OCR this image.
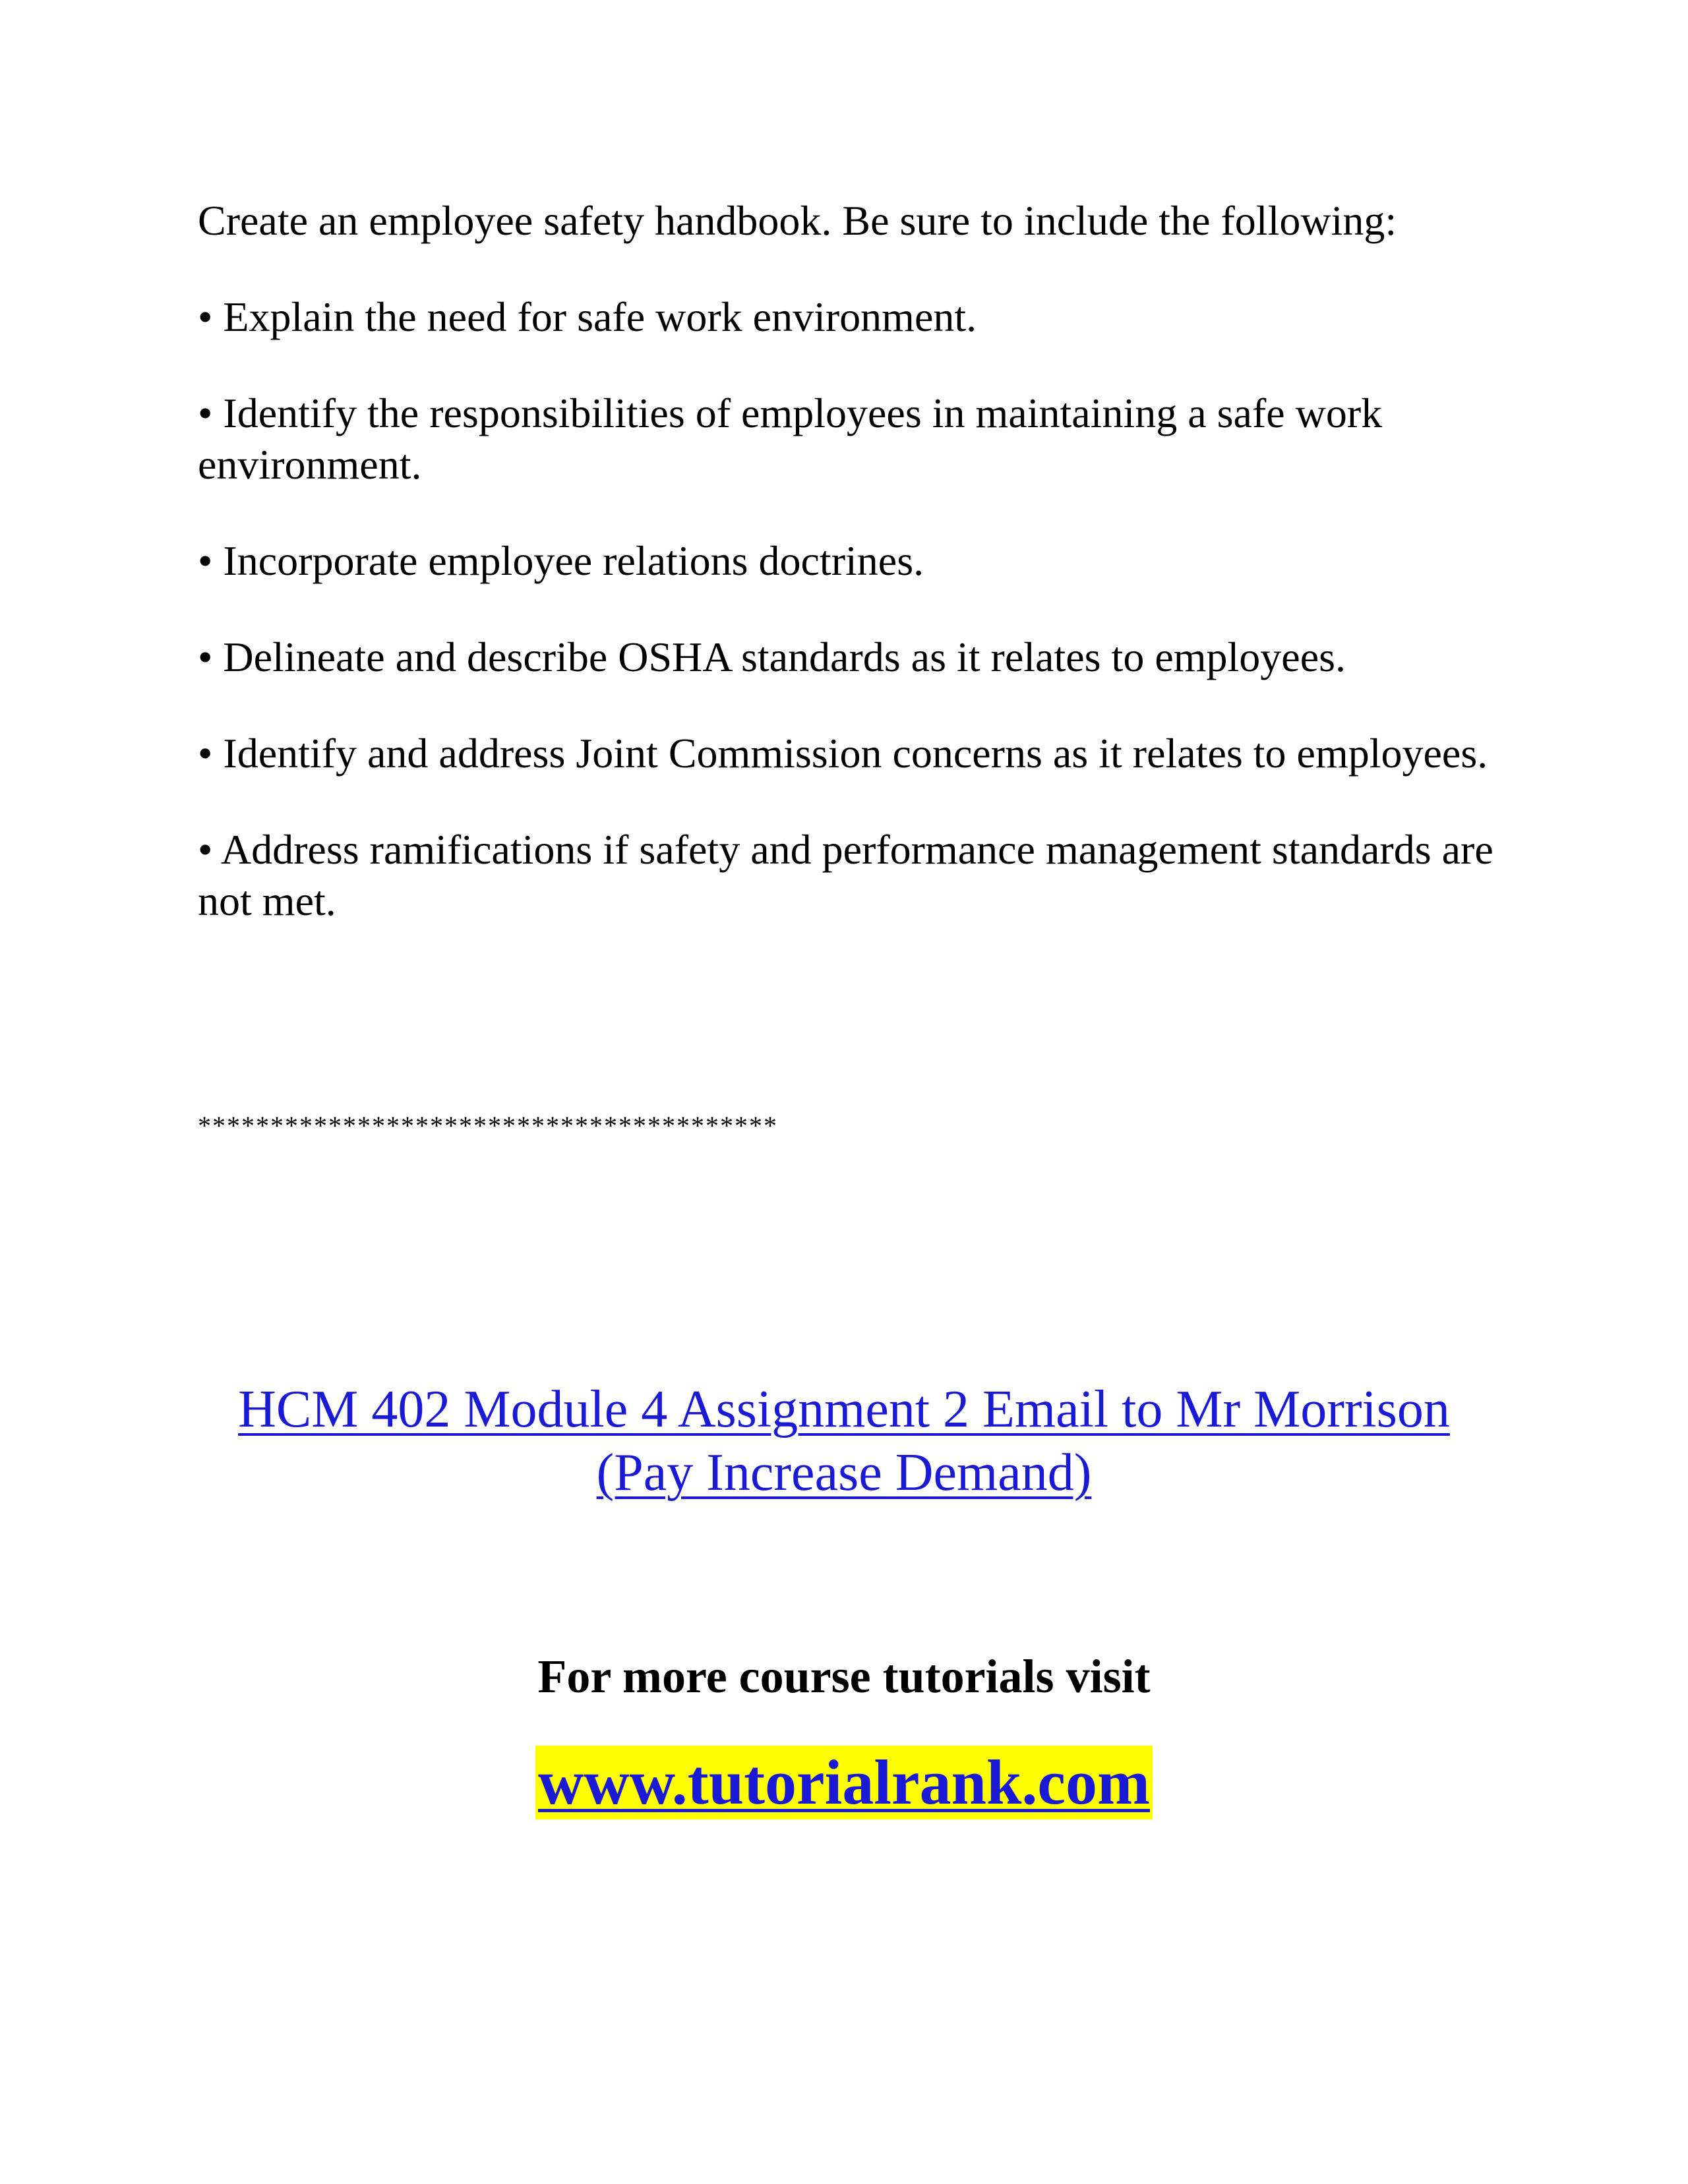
Create an employee safety handbook. Be sure to include the following:

• Explain the need for safe work environment.
• Identify the responsibilities of employees in maintaining a safe work environment.
• Incorporate employee relations doctrines.
• Delineate and describe OSHA standards as it relates to employees.
• Identify and address Joint Commission concerns as it relates to employees.
• Address ramifications if safety and performance management standards are not met.
****************************************
HCM 402 Module 4 Assignment 2 Email to Mr Morrison
(Pay Increase Demand)
For more course tutorials visit
www.tutorialrank.com
